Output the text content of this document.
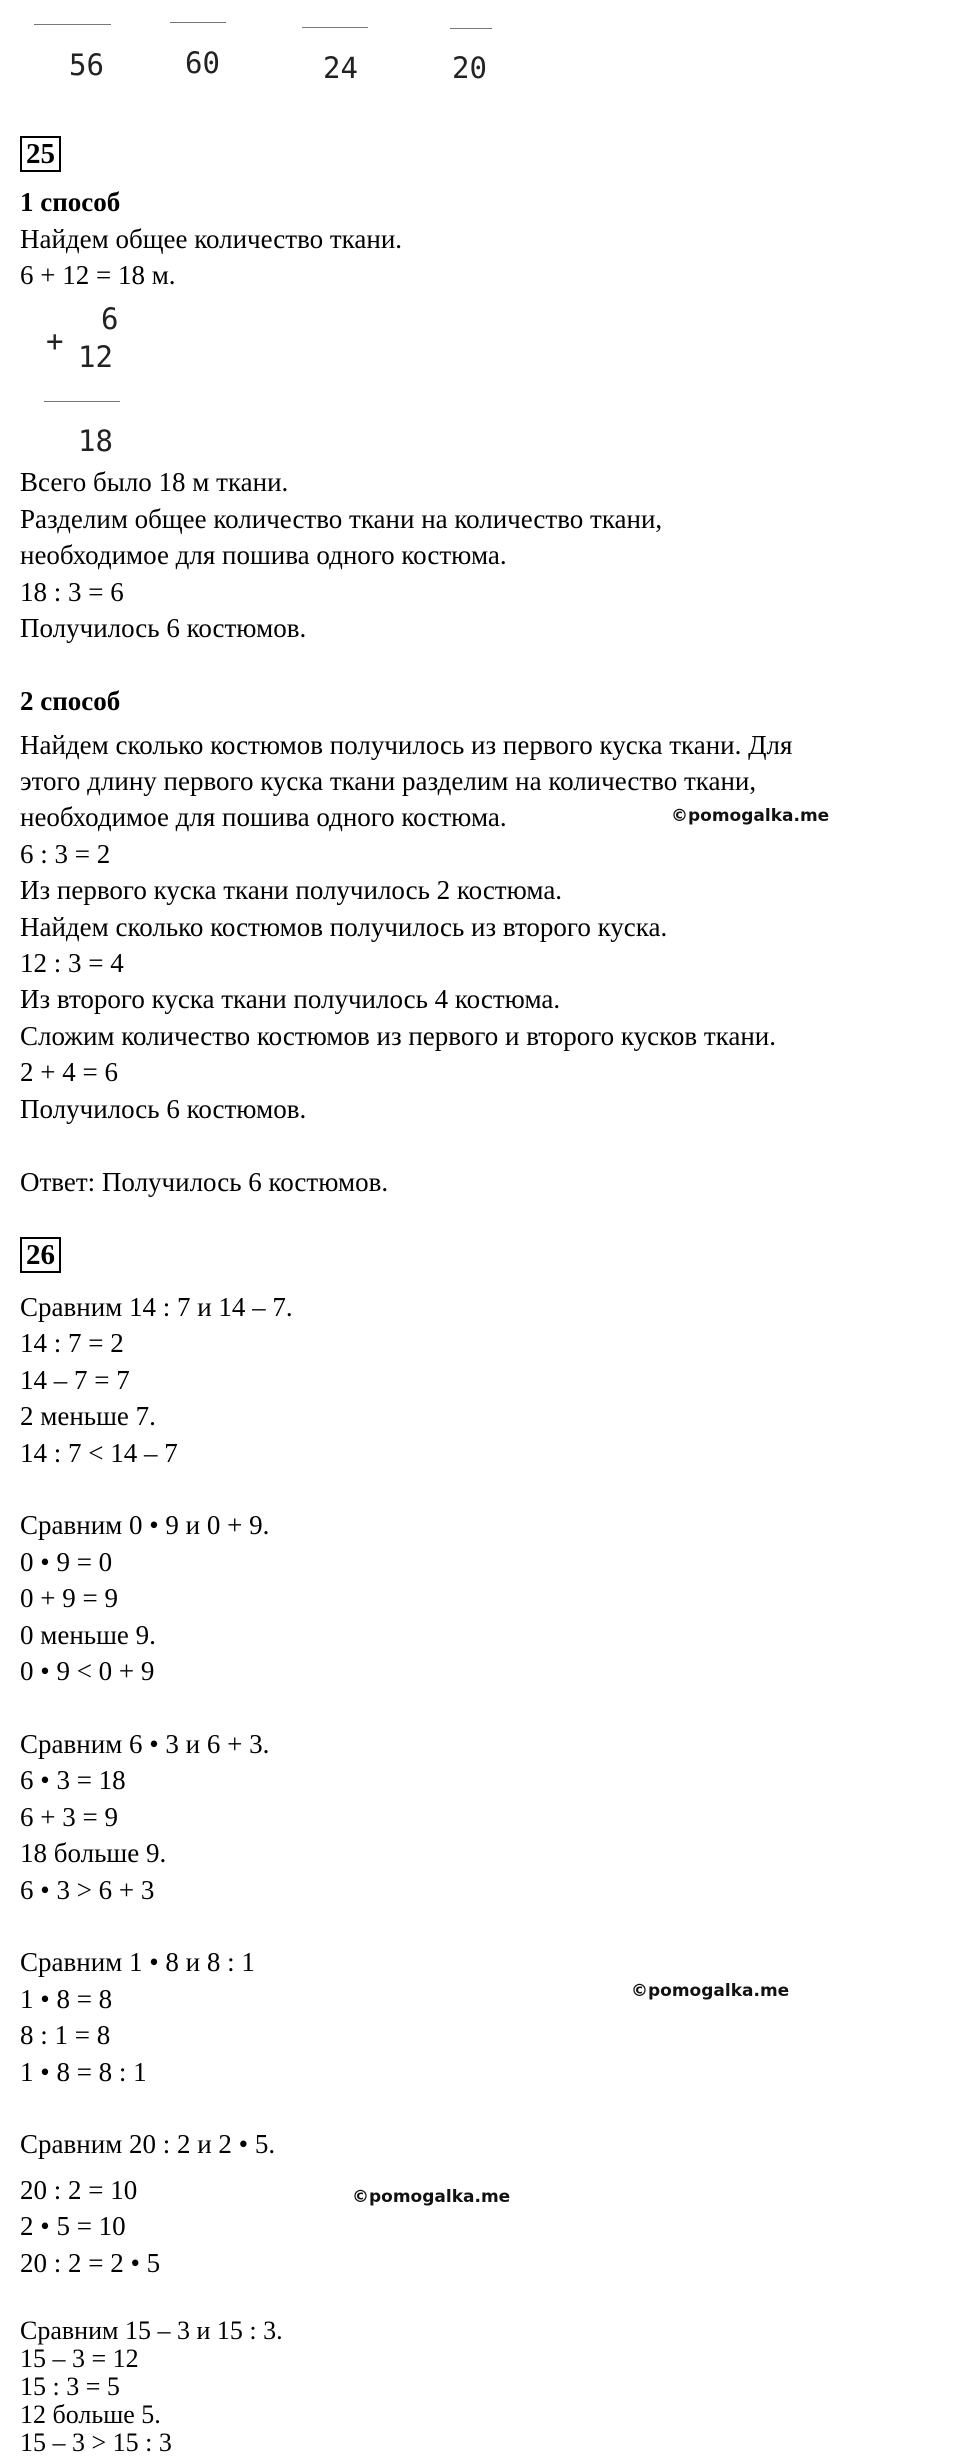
56	60	24	20
25
1 способ
Найдем общее количество ткани.
6 + 12 = 18 м.
+
6
12
18
Всего было 18 м ткани.
Разделим общее количество ткани на количество ткани,
необходимое для пошива одного костюма.
18 : 3 = 6
Получилось 6 костюмов.
2 способ
Найдем сколько костюмов получилось из первого куска ткани. Для
этого длину первого куска ткани разделим на количество ткани,
необходимое для пошива одного костюма.
6 : 3 = 2
Из первого куска ткани получилось 2 костюма.
Найдем сколько костюмов получилось из второго куска.
12 : 3 = 4
Из второго куска ткани получилось 4 костюма.
Сложим количество костюмов из первого и второго кусков ткани.
2 + 4 = 6
Получилось 6 костюмов.
Ответ: Получилось 6 костюмов.
26
Сравним 14 : 7 и 14 – 7.
14 : 7 = 2
14 – 7 = 7
2 меньше 7.
14 : 7 < 14 – 7
Сравним 0 • 9 и 0 + 9.
0 • 9 = 0
0 + 9 = 9
0 меньше 9.
0 • 9 < 0 + 9
Сравним 6 • 3 и 6 + 3.
6 • 3 = 18
6 + 3 = 9
18 больше 9.
6 • 3 > 6 + 3
Сравним 1 • 8 и 8 : 1
1 • 8 = 8
8 : 1 = 8
1 • 8 = 8 : 1
Сравним 20 : 2 и 2 • 5.
20 : 2 = 10
2 • 5 = 10
20 : 2 = 2 • 5
Сравним 15 – 3 и 15 : 3.
15 – 3 = 12
15 : 3 = 5
12 больше 5.
15 – 3 > 15 : 3
©pomogalka.me
©pomogalka.me
©pomogalka.me
